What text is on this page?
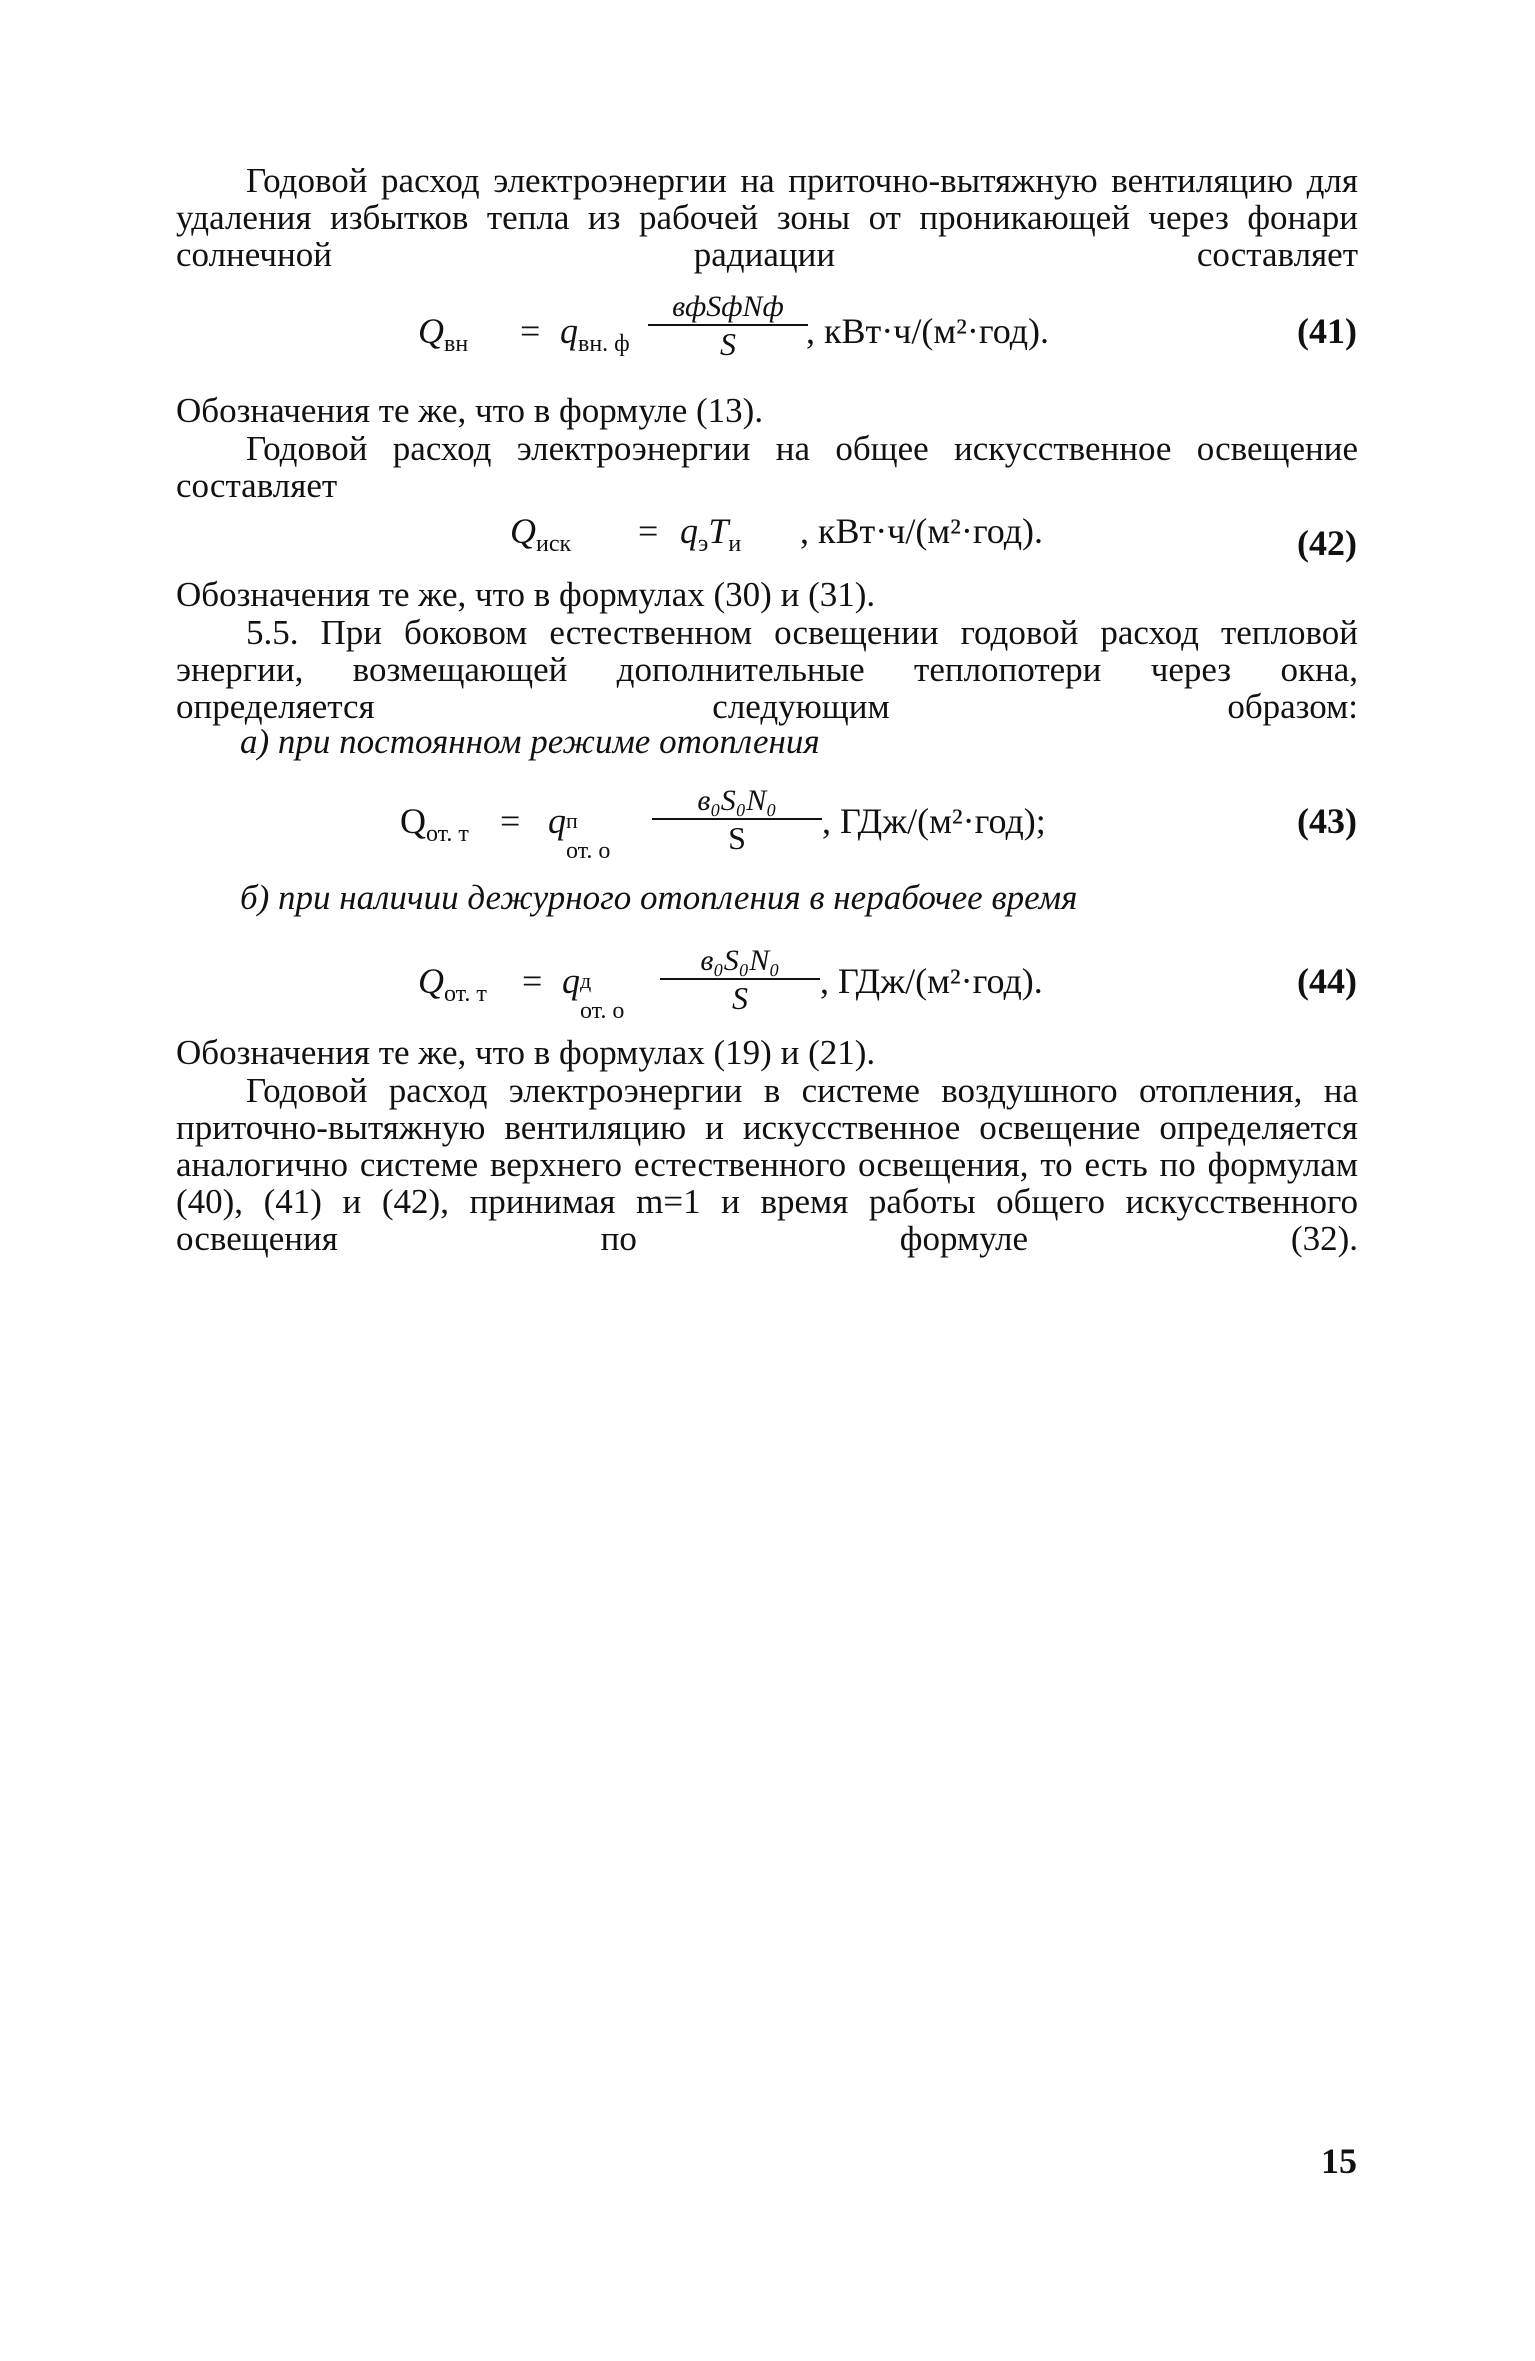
Годовой расход электроэнергии на приточно-вытяжную вентиляцию для удаления избытков тепла из рабочей зоны от проникающей через фонари солнечной радиации составляет

$Q_{вн} = q_{вн. ф}$
вфSфNф
S	, кВт·ч/(м²·год).	(41)

Обозначения те же, что в формуле (13).

Годовой расход электроэнергии на общее искусственное освещение составляет

$Q_{иск} = q_эT_и$ , кВт·ч/(м²·год).	(42)

Обозначения те же, что в формулах (30) и (31).

5.5. При боковом естественном освещении годовой расход тепловой энергии, возмещающей дополнительные теплопотери через окна, определяется следующим образом:

а) при постоянном режиме отопления
$Q_{от. т} = q$ п
от. о
в₀S₀N₀
S	, ГДж/(м²·год);	(43)
б) при наличии дежурного отопления в нерабочее время
$Q_{от. т} = q$ д
от. о
в₀S₀N₀
S	, ГДж/(м²·год).	(44)

Обозначения те же, что в формулах (19) и (21).

Годовой расход электроэнергии в системе воздушного отопления, на приточно-вытяжную вентиляцию и искусственное освещение определяется аналогично системе верхнего естественного освещения, то есть по формулам (40), (41) и (42), принимая m=1 и время работы общего искусственного освещения по формуле (32).

15
